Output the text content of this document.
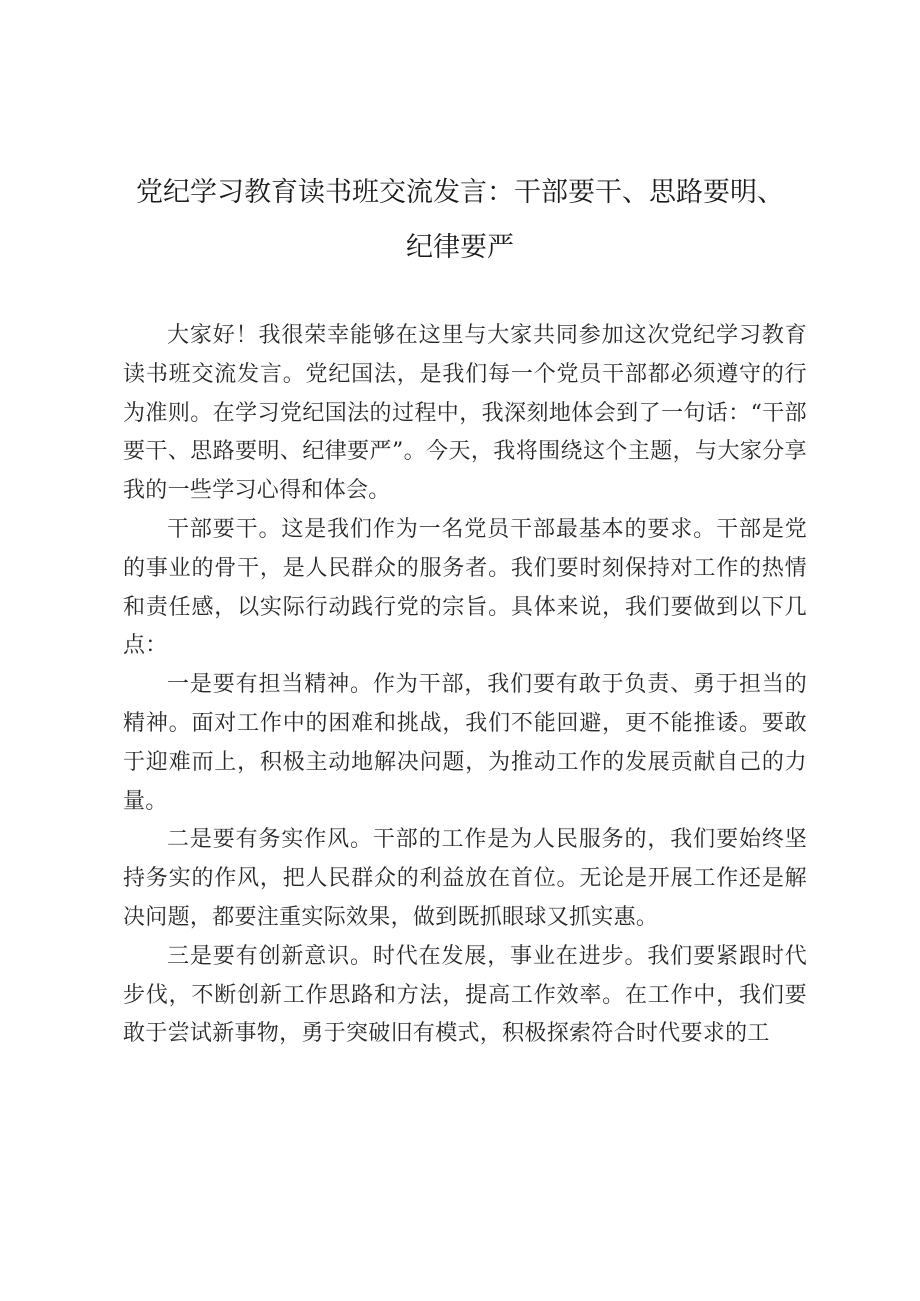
党纪学习教育读书班交流发言：干部要干、思路要明、
纪律要严

大家好！我很荣幸能够在这里与大家共同参加这次党纪学习教育读书班交流发言。党纪国法，是我们每一个党员干部都必须遵守的行为准则。在学习党纪国法的过程中，我深刻地体会到了一句话：“干部要干、思路要明、纪律要严”。今天，我将围绕这个主题，与大家分享我的一些学习心得和体会。

干部要干。这是我们作为一名党员干部最基本的要求。干部是党的事业的骨干，是人民群众的服务者。我们要时刻保持对工作的热情和责任感，以实际行动践行党的宗旨。具体来说，我们要做到以下几点：

一是要有担当精神。作为干部，我们要有敢于负责、勇于担当的精神。面对工作中的困难和挑战，我们不能回避，更不能推诿。要敢于迎难而上，积极主动地解决问题，为推动工作的发展贡献自己的力量。

二是要有务实作风。干部的工作是为人民服务的，我们要始终坚持务实的作风，把人民群众的利益放在首位。无论是开展工作还是解决问题，都要注重实际效果，做到既抓眼球又抓实惠。

三是要有创新意识。时代在发展，事业在进步。我们要紧跟时代步伐，不断创新工作思路和方法，提高工作效率。在工作中，我们要敢于尝试新事物，勇于突破旧有模式，积极探索符合时代要求的工
